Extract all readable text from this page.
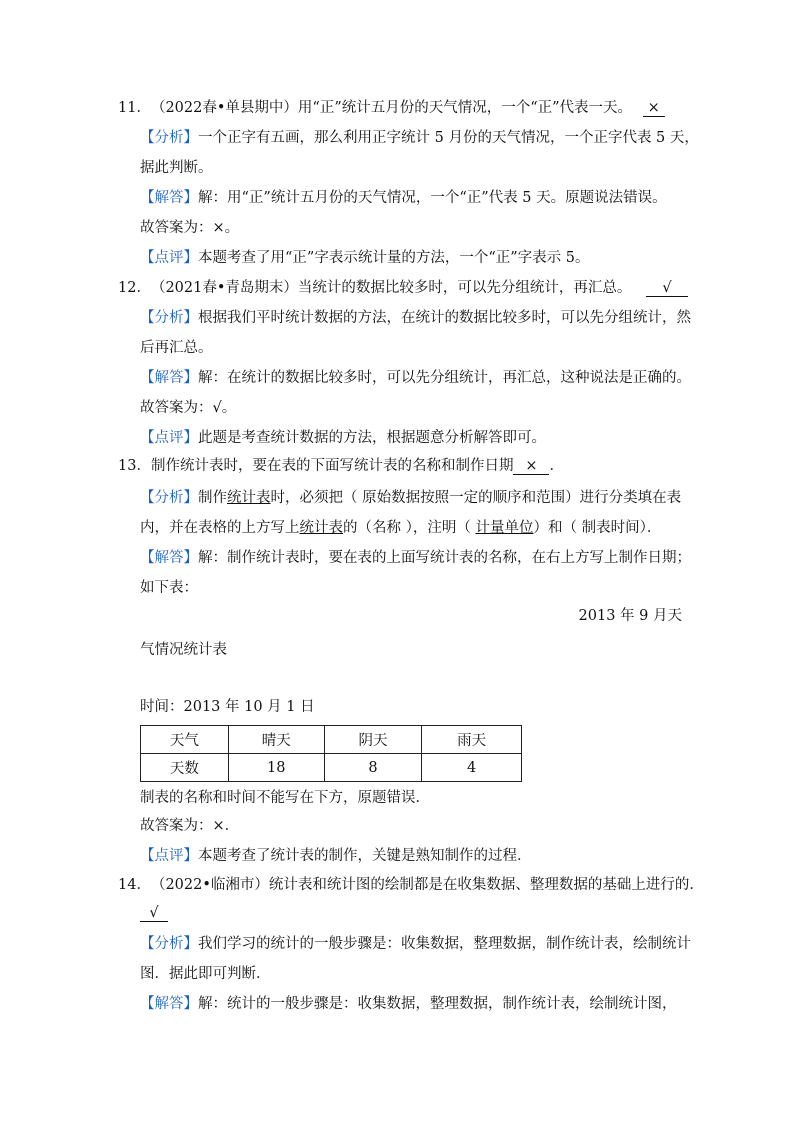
11．（2022春•单县期中）用“正”统计五月份的天气情况，一个“正”代表一天。 ×
【分析】一个正字有五画，那么利用正字统计 5 月份的天气情况，一个正字代表 5 天，
据此判断。
【解答】解：用“正”统计五月份的天气情况，一个“正”代表 5 天。原题说法错误。
故答案为：×。
【点评】本题考查了用“正”字表示统计量的方法，一个“正”字表示 5。
12．（2021春•青岛期末）当统计的数据比较多时，可以先分组统计，再汇总。 √
【分析】根据我们平时统计数据的方法，在统计的数据比较多时，可以先分组统计，然
后再汇总。
【解答】解：在统计的数据比较多时，可以先分组统计，再汇总，这种说法是正确的。
故答案为：√。
【点评】此题是考查统计数据的方法，根据题意分析解答即可。
13．制作统计表时，要在表的下面写统计表的名称和制作日期 × ．
【分析】制作统计表时，必须把（ 原始数据按照一定的顺序和范围）进行分类填在表
内，并在表格的上方写上统计表的（名称 ），注明（ 计量单位）和（ 制表时间）．
【解答】解：制作统计表时，要在表的上面写统计表的名称，在右上方写上制作日期；
如下表：
2013 年 9 月天
气情况统计表
时间：2013 年 10 月 1 日
天气	晴天	阴天	雨天
天数	18	8	4
制表的名称和时间不能写在下方，原题错误．
故答案为：×．
【点评】本题考查了统计表的制作，关键是熟知制作的过程．
14．（2022•临湘市）统计表和统计图的绘制都是在收集数据、整理数据的基础上进行的．
√
【分析】我们学习的统计的一般步骤是：收集数据，整理数据，制作统计表，绘制统计
图．据此即可判断．
【解答】解：统计的一般步骤是：收集数据，整理数据，制作统计表，绘制统计图，
